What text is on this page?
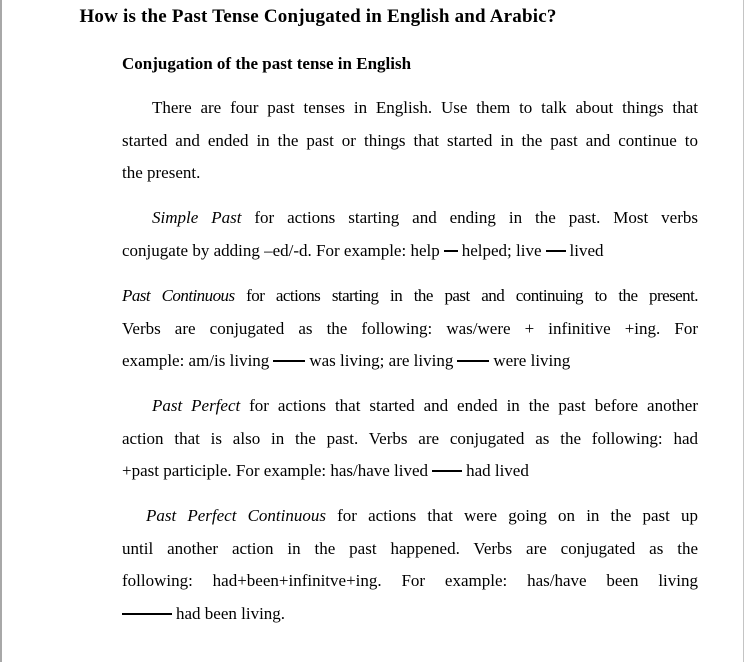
How is the Past Tense Conjugated in English and Arabic?
Conjugation of the past tense in English
There are four past tenses in English. Use them to talk about things that
started and ended in the past or things that started in the past and continue to
the present.
Simple Past for actions starting and ending in the past. Most verbs
conjugate by adding –ed/-d. For example: help helped; live lived
Past Continuous for actions starting in the past and continuing to the present.
Verbs are conjugated as the following: was/were + infinitive +ing. For
example: am/is living was living; are living were living
Past Perfect for actions that started and ended in the past before another
action that is also in the past. Verbs are conjugated as the following: had
+past participle. For example: has/have lived had lived
Past Perfect Continuous for actions that were going on in the past up
until another action in the past happened. Verbs are conjugated as the
following: had+been+infinitve+ing. For example: has/have been living
had been living.
